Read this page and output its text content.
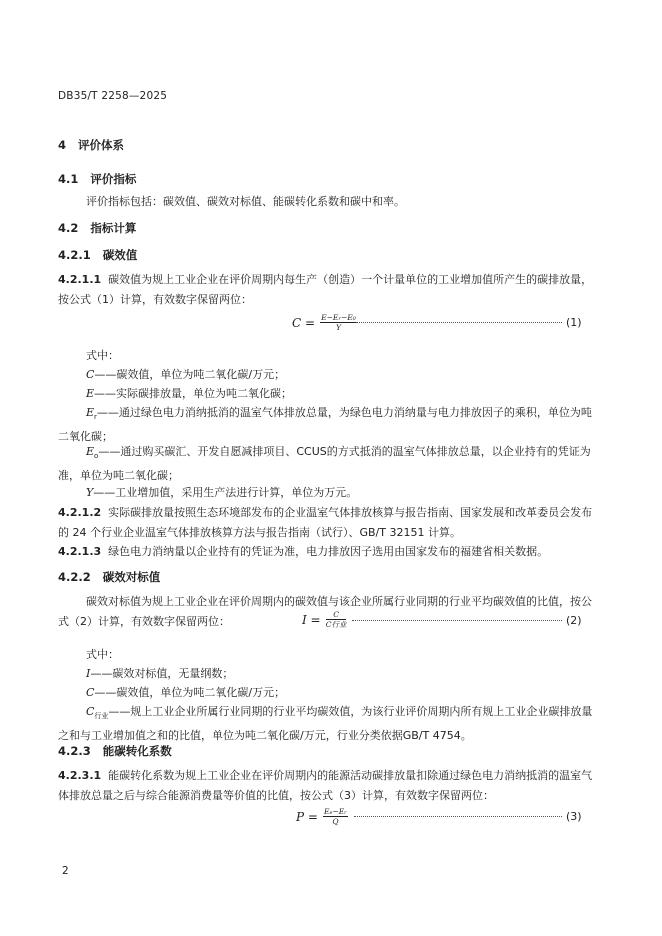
DB35/T 2258—2025
4 评价体系
4.1 评价指标
评价指标包括：碳效值、碳效对标值、能碳转化系数和碳中和率。
4.2 指标计算
4.2.1 碳效值
4.2.1.1 碳效值为规上工业企业在评价周期内每生产（创造）一个计量单位的工业增加值所产生的碳排放量，按公式（1）计算，有效数字保留两位：
$C = \frac{\text{E−Eᵣ−E₀}}{Y}$	(1)
式中：
C——碳效值，单位为吨二氧化碳/万元；
E——实际碳排放量，单位为吨二氧化碳；
$E_r——$通过绿色电力消纳抵消的温室气体排放总量，为绿色电力消纳量与电力排放因子的乘积，单位为吨二氧化碳；
$E_o——$通过购买碳汇、开发自愿减排项目、CCUS的方式抵消的温室气体排放总量，以企业持有的凭证为准，单位为吨二氧化碳；
Y——工业增加值，采用生产法进行计算，单位为万元。
4.2.1.2 实际碳排放量按照生态环境部发布的企业温室气体排放核算与报告指南、国家发展和改革委员会发布的 24 个行业企业温室气体排放核算方法与报告指南（试行）、GB/T 32151 计算。
4.2.1.3 绿色电力消纳量以企业持有的凭证为准，电力排放因子选用由国家发布的福建省相关数据。
4.2.2 碳效对标值
碳效对标值为规上工业企业在评价周期内的碳效值与该企业所属行业同期的行业平均碳效值的比值，按公式（2）计算，有效数字保留两位：	$I = \frac{C}{\text{C行业}}$	(2)
式中：
I——碳效对标值，无量纲数；
C——碳效值，单位为吨二氧化碳/万元；
$C_{行业}——$规上工业企业所属行业同期的行业平均碳效值，为该行业评价周期内所有规上工业企业碳排放量之和与工业增加值之和的比值，单位为吨二氧化碳/万元，行业分类依据GB/T 4754。
4.2.3 能碳转化系数
4.2.3.1 能碳转化系数为规上工业企业在评价周期内的能源活动碳排放量扣除通过绿色电力消纳抵消的温室气体排放总量之后与综合能源消费量等价值的比值，按公式（3）计算，有效数字保留两位：
$P = \frac{\text{Eₑ−Eᵣ}}{Q}$	(3)
2
